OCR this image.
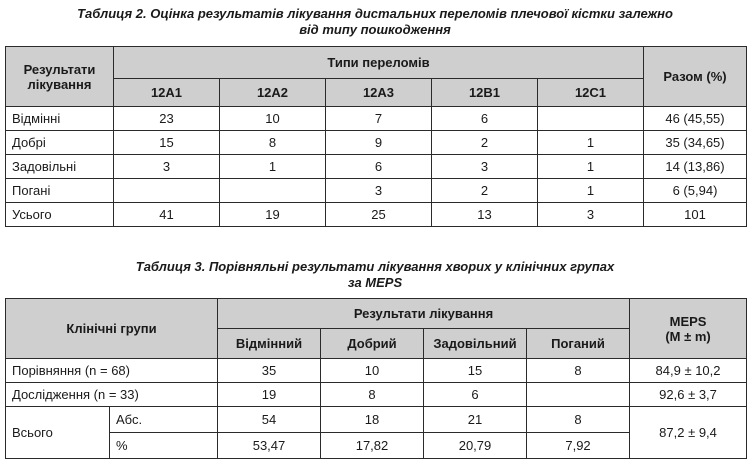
Таблиця 2. Оцінка результатів лікування дистальних переломів плечової кістки залежно
від типу пошкодження
Результати лікування	Типи переломів					Разом (%)
	12A1	12A2	12A3	12B1	12C1	
Відмінні	23	10	7	6		46 (45,55)
Добрі	15	8	9	2	1	35 (34,65)
Задовільні	3	1	6	3	1	14 (13,86)
Погані			3	2	1	6 (5,94)
Усього	41	19	25	13	3	101
Таблиця 3. Порівняльні результати лікування хворих у клінічних групах
за MEPS
Клінічні групи		Результати лікування				MEPS
(M ± m)

		Відмінний	Добрий	Задовільний	Поганий	
Порівняння (n = 68)		35	10	15	8	84,9 ± 10,2
Дослідження (n = 33)		19	8	6		92,6 ± 3,7
Всього	Абс.	54	18	21	8	87,2 ± 9,4
	%	53,47	17,82	20,79	7,92	
